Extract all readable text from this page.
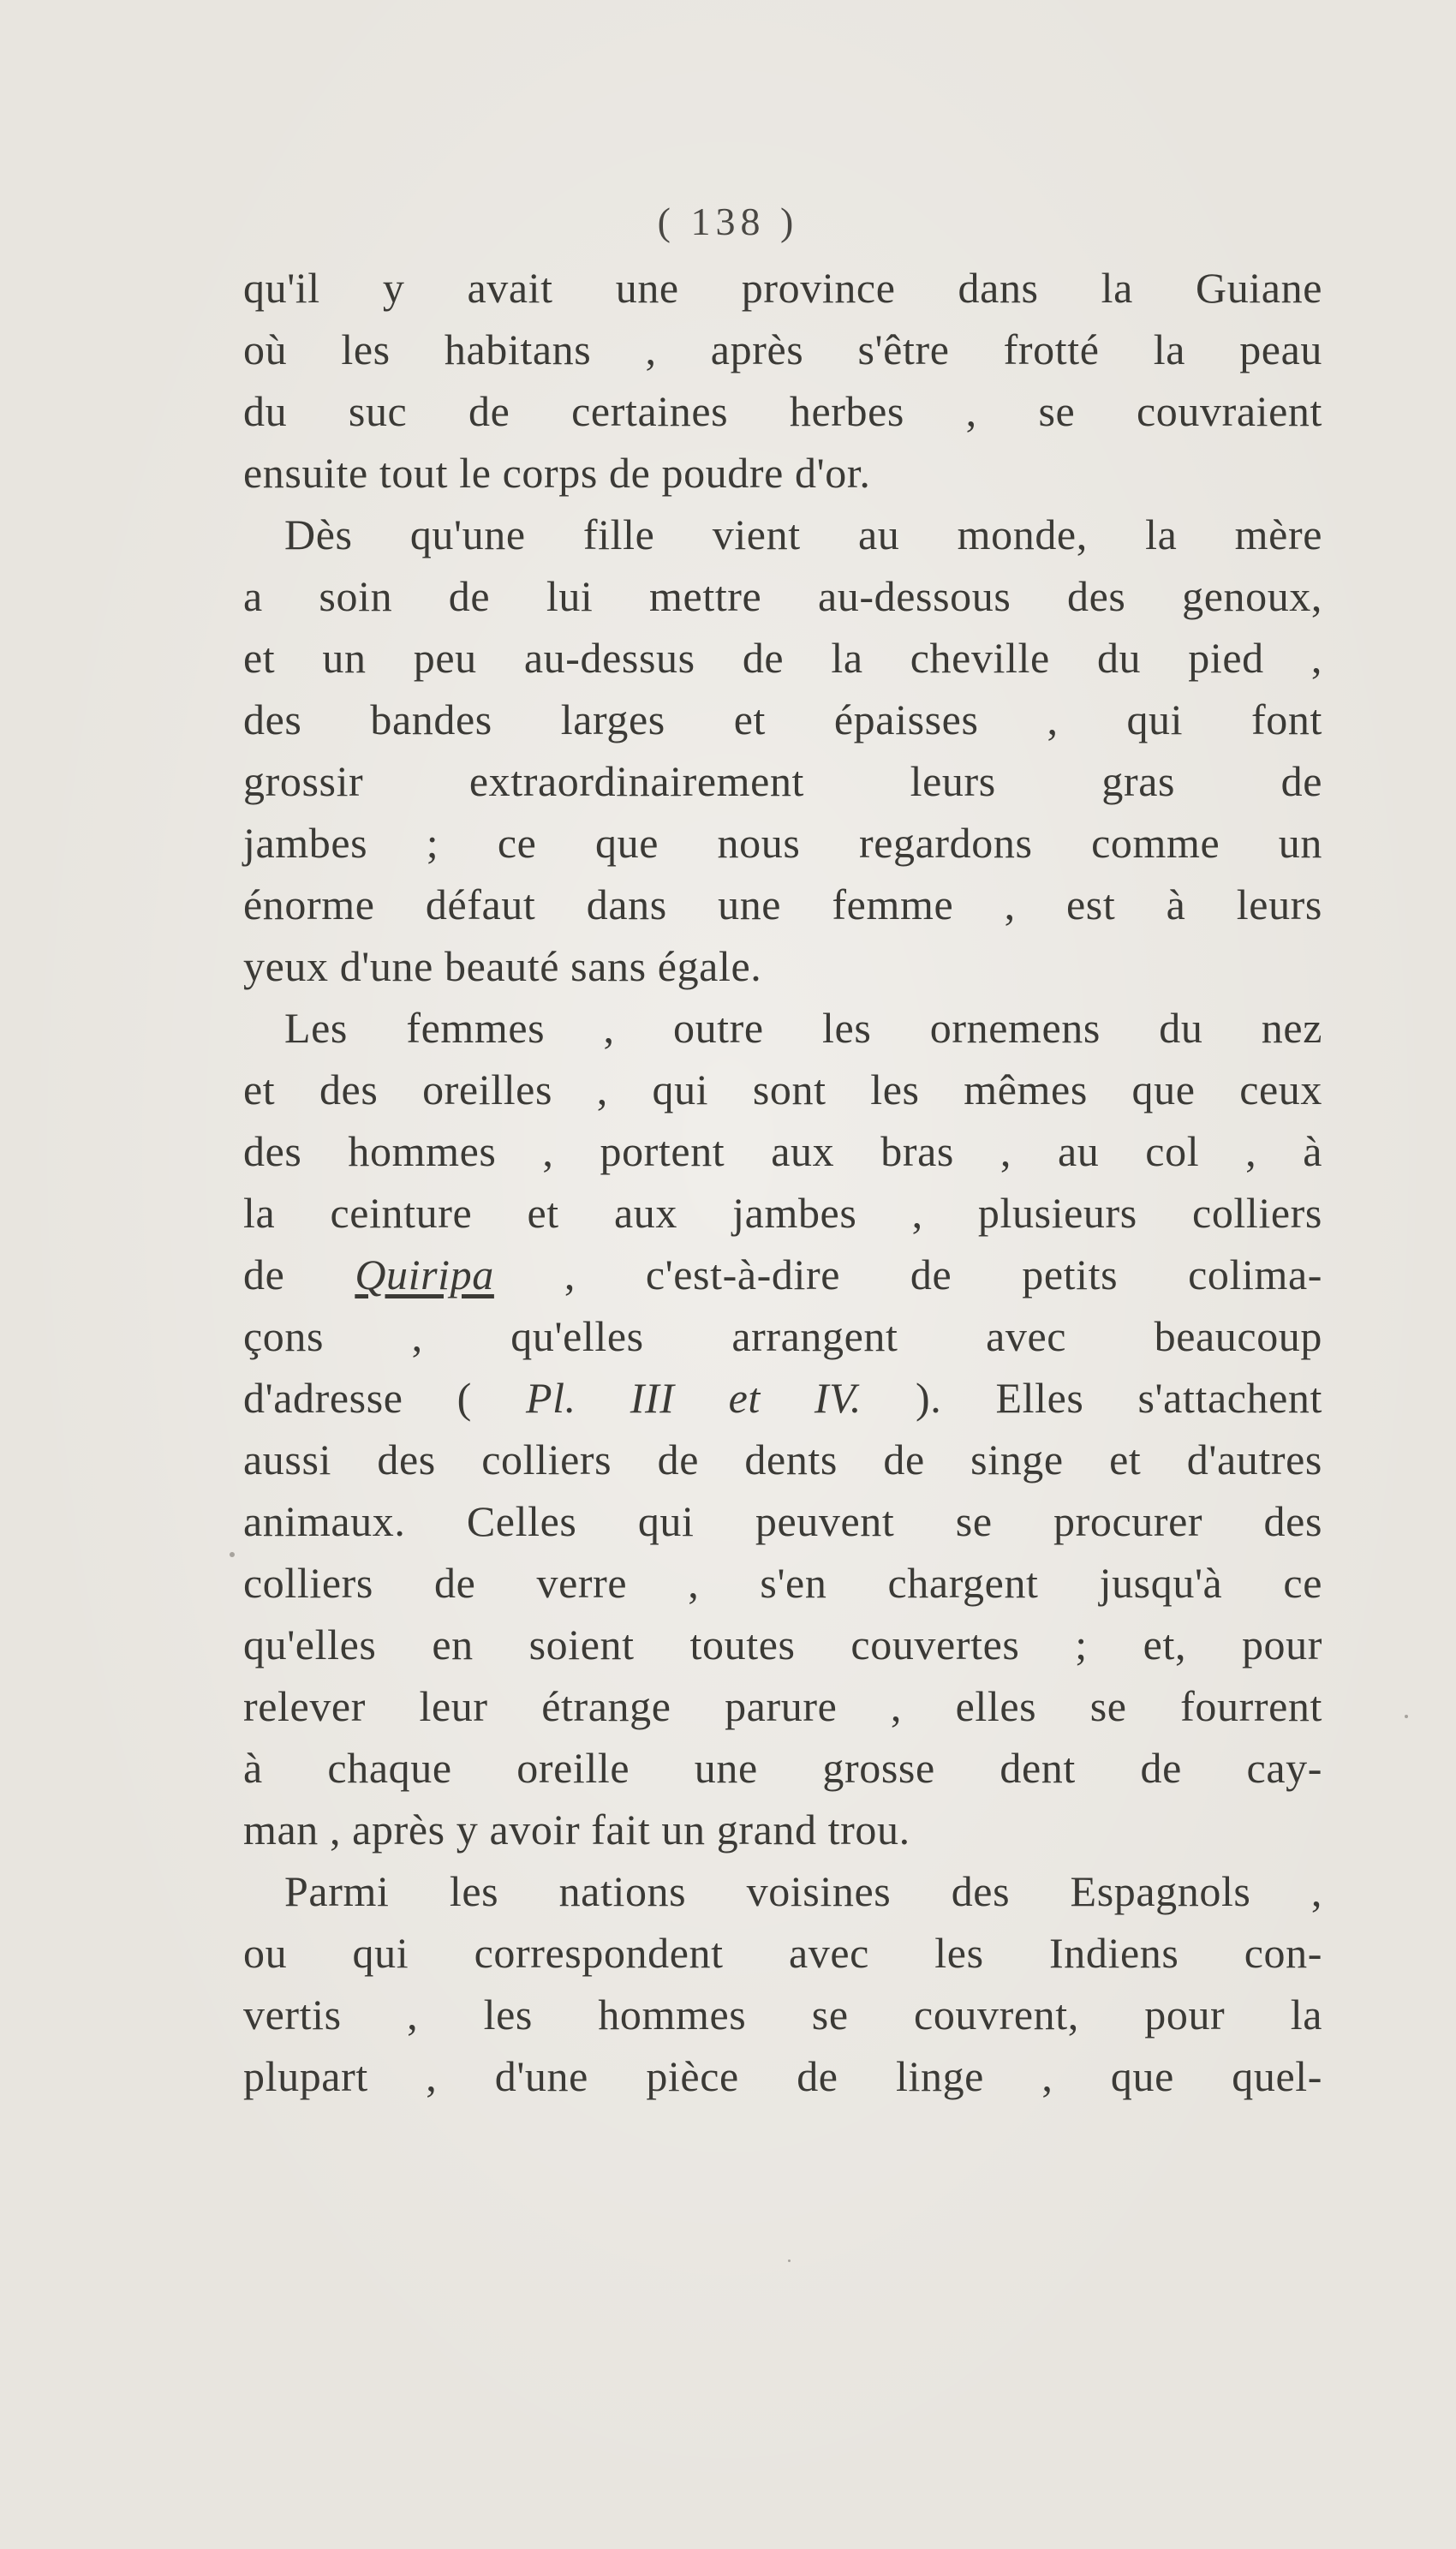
( 138 )
qu'il y avait une province dans la Guiane
où les habitans , après s'être frotté la peau
du suc de certaines herbes , se couvraient
ensuite tout le corps de poudre d'or.
Dès qu'une fille vient au monde, la mère
a soin de lui mettre au-dessous des genoux,
et un peu au-dessus de la cheville du pied ,
des bandes larges et épaisses , qui font
grossir extraordinairement leurs gras de
jambes ; ce que nous regardons comme un
énorme défaut dans une femme , est à leurs
yeux d'une beauté sans égale.
Les femmes , outre les ornemens du nez
et des oreilles , qui sont les mêmes que ceux
des hommes , portent aux bras , au col , à
la ceinture et aux jambes , plusieurs colliers
de Quiripa , c'est-à-dire de petits colima-
çons , qu'elles arrangent avec beaucoup
d'adresse ( Pl. III et IV. ). Elles s'attachent
aussi des colliers de dents de singe et d'autres
animaux. Celles qui peuvent se procurer des
colliers de verre , s'en chargent jusqu'à ce
qu'elles en soient toutes couvertes ; et, pour
relever leur étrange parure , elles se fourrent
à chaque oreille une grosse dent de cay-
man , après y avoir fait un grand trou.
Parmi les nations voisines des Espagnols ,
ou qui correspondent avec les Indiens con-
vertis , les hommes se couvrent, pour la
plupart , d'une pièce de linge , que quel-
